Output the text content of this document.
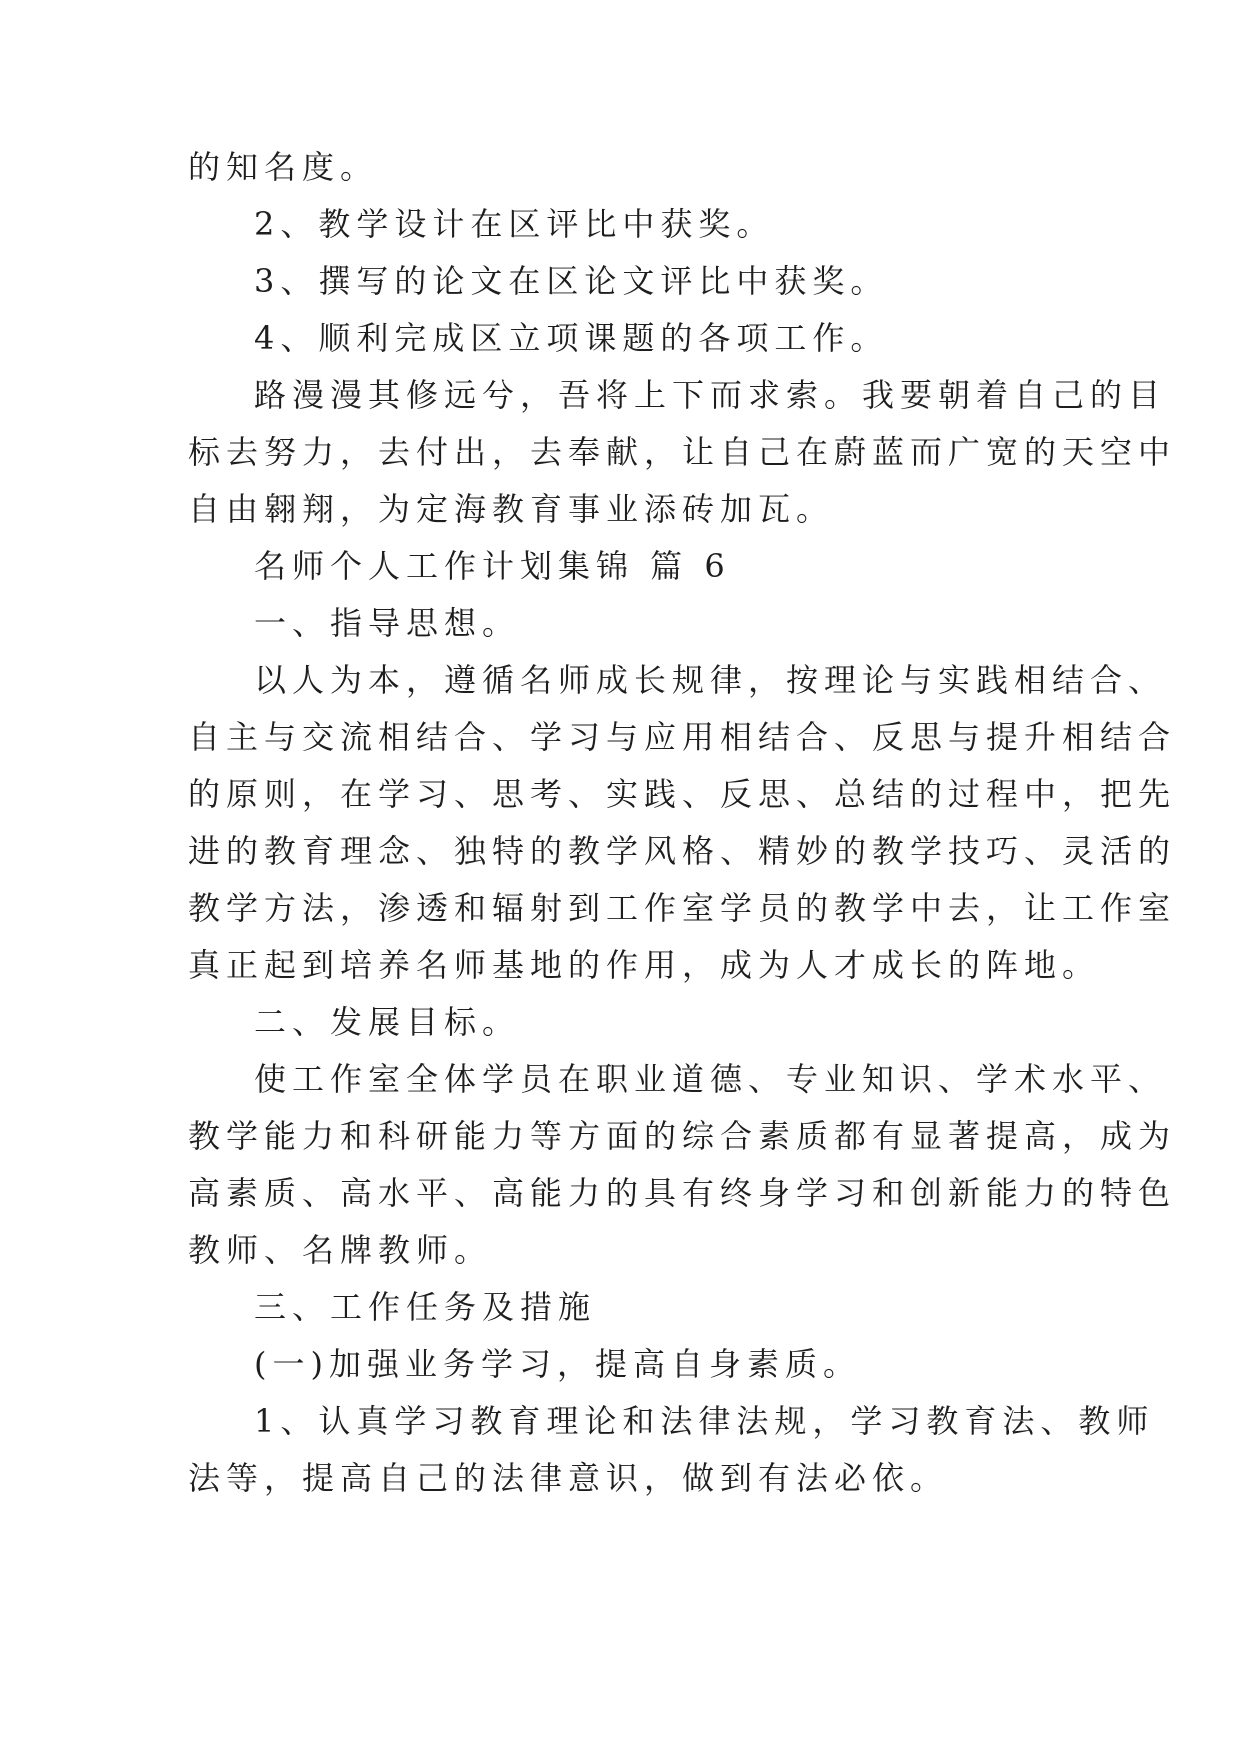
的知名度。
2、教学设计在区评比中获奖。
3、撰写的论文在区论文评比中获奖。
4、顺利完成区立项课题的各项工作。
路漫漫其修远兮，吾将上下而求索。我要朝着自己的目
标去努力，去付出，去奉献，让自己在蔚蓝而广宽的天空中
自由翱翔，为定海教育事业添砖加瓦。
名师个人工作计划集锦 篇 6
一、指导思想。
以人为本，遵循名师成长规律，按理论与实践相结合、
自主与交流相结合、学习与应用相结合、反思与提升相结合
的原则，在学习、思考、实践、反思、总结的过程中，把先
进的教育理念、独特的教学风格、精妙的教学技巧、灵活的
教学方法，渗透和辐射到工作室学员的教学中去，让工作室
真正起到培养名师基地的作用，成为人才成长的阵地。
二、发展目标。
使工作室全体学员在职业道德、专业知识、学术水平、
教学能力和科研能力等方面的综合素质都有显著提高，成为
高素质、高水平、高能力的具有终身学习和创新能力的特色
教师、名牌教师。
三、工作任务及措施
(一)加强业务学习，提高自身素质。
1、认真学习教育理论和法律法规，学习教育法、教师
法等，提高自己的法律意识，做到有法必依。
